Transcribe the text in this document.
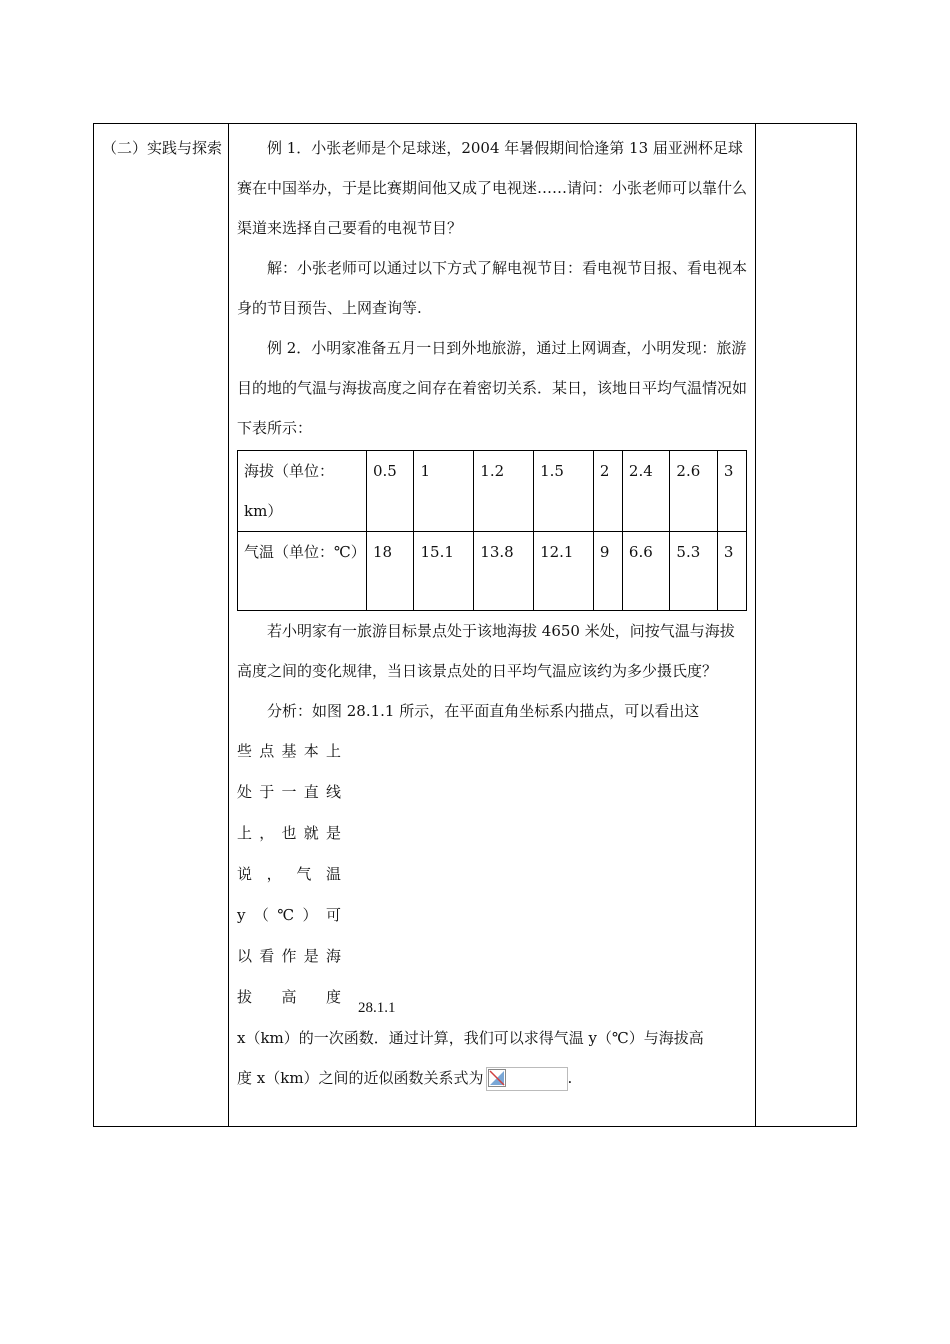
（二）实践与探索	例 1．小张老师是个足球迷，2004 年暑假期间恰逢第 13 届亚洲杯足球赛在中国举办，于是比赛期间他又成了电视迷……请问：小张老师可以靠什么渠道来选择自己要看的电视节目？

解：小张老师可以通过以下方式了解电视节目：看电视节目报、看电视本身的节目预告、上网查询等.

例 2．小明家准备五月一日到外地旅游，通过上网调查，小明发现：旅游目的地的气温与海拔高度之间存在着密切关系．某日，该地日平均气温情况如下表所示：

海拔（单位：km）	0.5	1	1.2	1.5	2	2.4	2.6	3
气温（单位：℃）	18	15.1	13.8	12.1	9	6.6	5.3	3

若小明家有一旅游目标景点处于该地海拔 4650 米处，问按气温与海拔高度之间的变化规律，当日该景点处的日平均气温应该约为多少摄氏度？

分析：如图 28.1.1 所示，在平面直角坐标系内描点，可以看出这

些点基本上
处于一直线
上，也就是
说，气温
y（℃）可
以看作是海
拔高度

x（km）的一次函数．通过计算，我们可以求得气温 y（℃）与海拔高

度 x（km）之间的近似函数关系式为	.

28.1.1
